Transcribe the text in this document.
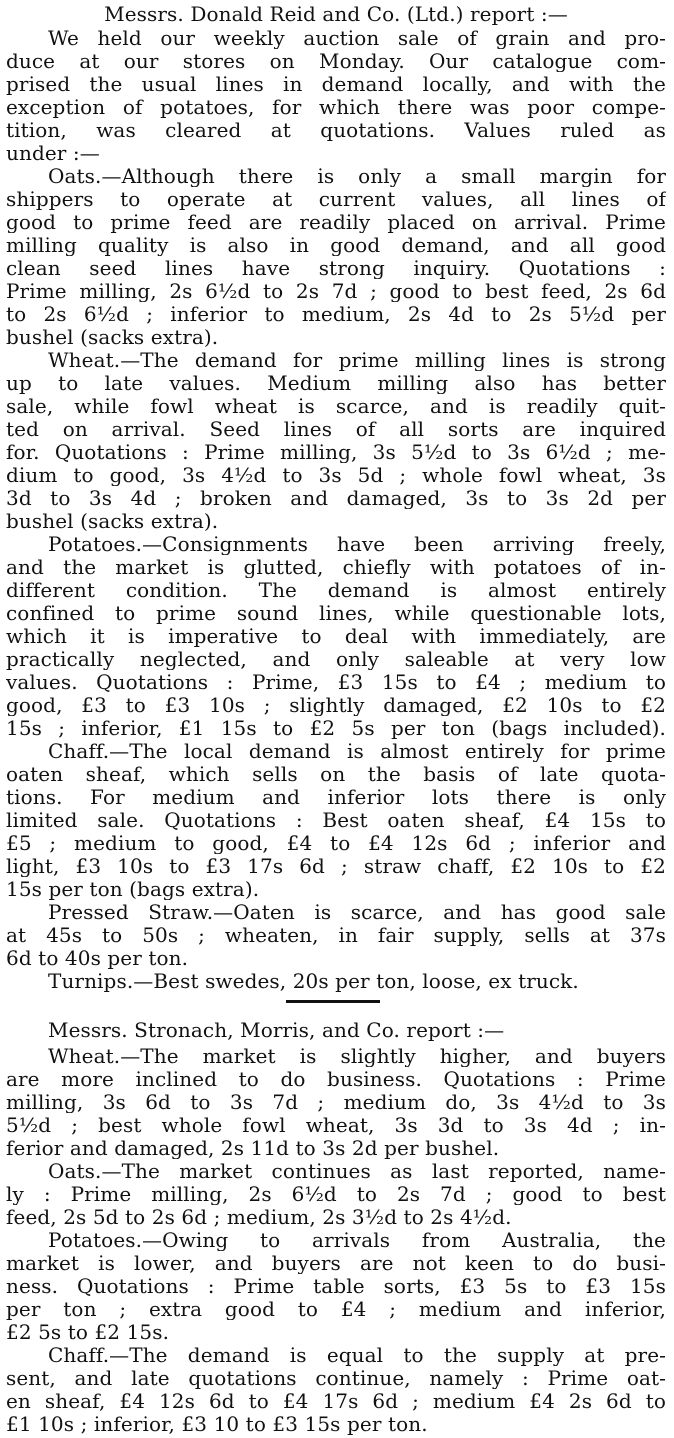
Messrs. Donald Reid and Co. (Ltd.) report :—
We held our weekly auction sale of grain and pro-
duce at our stores on Monday. Our catalogue com-
prised the usual lines in demand locally, and with the
exception of potatoes, for which there was poor compe-
tition, was cleared at quotations. Values ruled as
under :—
Oats.—Although there is only a small margin for
shippers to operate at current values, all lines of
good to prime feed are readily placed on arrival. Prime
milling quality is also in good demand, and all good
clean seed lines have strong inquiry. Quotations :
Prime milling, 2s 6½d to 2s 7d ; good to best feed, 2s 6d
to 2s 6½d ; inferior to medium, 2s 4d to 2s 5½d per
bushel (sacks extra).
Wheat.—The demand for prime milling lines is strong
up to late values. Medium milling also has better
sale, while fowl wheat is scarce, and is readily quit-
ted on arrival. Seed lines of all sorts are inquired
for. Quotations : Prime milling, 3s 5½d to 3s 6½d ; me-
dium to good, 3s 4½d to 3s 5d ; whole fowl wheat, 3s
3d to 3s 4d ; broken and damaged, 3s to 3s 2d per
bushel (sacks extra).
Potatoes.—Consignments have been arriving freely,
and the market is glutted, chiefly with potatoes of in-
different condition. The demand is almost entirely
confined to prime sound lines, while questionable lots,
which it is imperative to deal with immediately, are
practically neglected, and only saleable at very low
values. Quotations : Prime, £3 15s to £4 ; medium to
good, £3 to £3 10s ; slightly damaged, £2 10s to £2
15s ; inferior, £1 15s to £2 5s per ton (bags included).
Chaff.—The local demand is almost entirely for prime
oaten sheaf, which sells on the basis of late quota-
tions. For medium and inferior lots there is only
limited sale. Quotations : Best oaten sheaf, £4 15s to
£5 ; medium to good, £4 to £4 12s 6d ; inferior and
light, £3 10s to £3 17s 6d ; straw chaff, £2 10s to £2
15s per ton (bags extra).
Pressed Straw.—Oaten is scarce, and has good sale
at 45s to 50s ; wheaten, in fair supply, sells at 37s
6d to 40s per ton.
Turnips.—Best swedes, 20s per ton, loose, ex truck.
Messrs. Stronach, Morris, and Co. report :—
Wheat.—The market is slightly higher, and buyers
are more inclined to do business. Quotations : Prime
milling, 3s 6d to 3s 7d ; medium do, 3s 4½d to 3s
5½d ; best whole fowl wheat, 3s 3d to 3s 4d ; in-
ferior and damaged, 2s 11d to 3s 2d per bushel.
Oats.—The market continues as last reported, name-
ly : Prime milling, 2s 6½d to 2s 7d ; good to best
feed, 2s 5d to 2s 6d ; medium, 2s 3½d to 2s 4½d.
Potatoes.—Owing to arrivals from Australia, the
market is lower, and buyers are not keen to do busi-
ness. Quotations : Prime table sorts, £3 5s to £3 15s
per ton ; extra good to £4 ; medium and inferior,
£2 5s to £2 15s.
Chaff.—The demand is equal to the supply at pre-
sent, and late quotations continue, namely : Prime oat-
en sheaf, £4 12s 6d to £4 17s 6d ; medium £4 2s 6d to
£1 10s ; inferior, £3 10 to £3 15s per ton.
